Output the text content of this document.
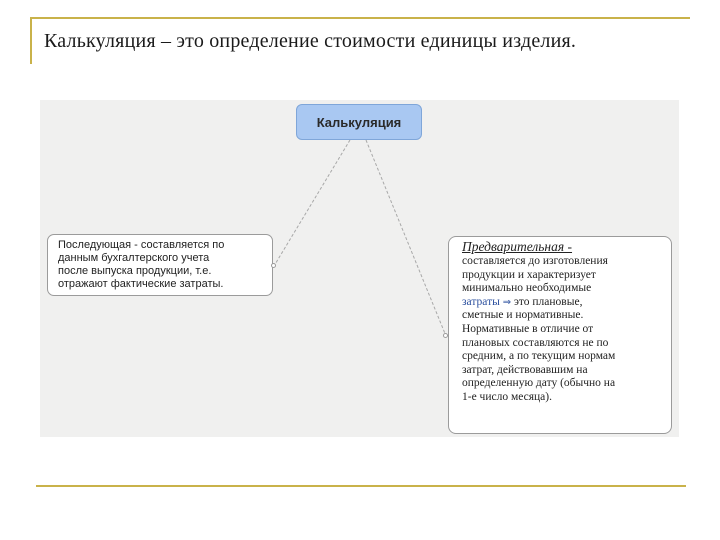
Калькуляция – это определение стоимости единицы изделия.
Калькуляция
Последующая - составляется по
данным бухгалтерского учета
после выпуска продукции, т.е.
отражают фактические затраты.
Предварительная -
составляется до изготовления
продукции и характеризует
минимально необходимые
затраты ⇒ это плановые,
сметные и нормативные.
Нормативные в отличие от
плановых составляются не по
средним, а по текущим нормам
затрат, действовавшим на
определенную дату (обычно на
1-е число месяца).
